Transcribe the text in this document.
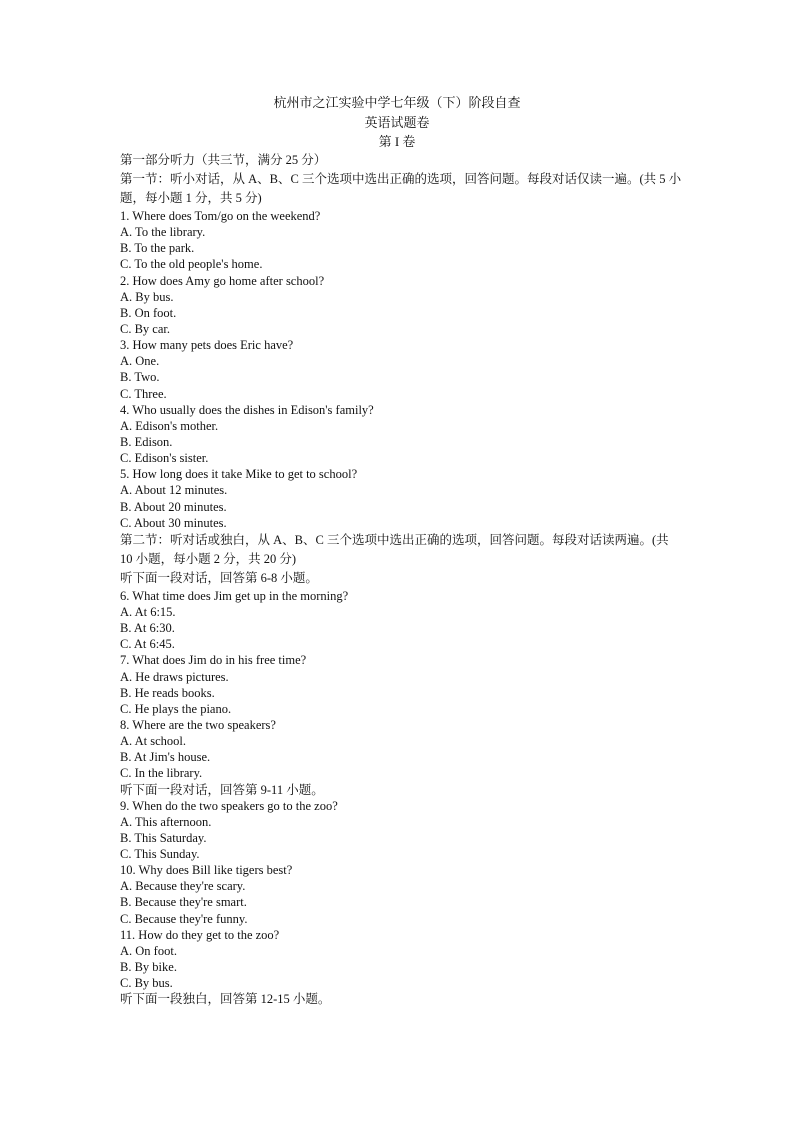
杭州市之江实验中学七年级（下）阶段自查
英语试题卷
第 I 卷
第一部分听力（共三节，满分 25 分）
第一节：听小对话，从 A、B、C 三个选项中选出正确的选项，回答问题。每段对话仅读一遍。(共 5 小题，每小题 1 分，共 5 分)
1. Where does Tom/go on the weekend?
A. To the library.
B. To the park.
C. To the old people's home.
2. How does Amy go home after school?
A. By bus.
B. On foot.
C. By car.
3. How many pets does Eric have?
A. One.
B. Two.
C. Three.
4. Who usually does the dishes in Edison's family?
A. Edison's mother.
B. Edison.
C. Edison's sister.
5. How long does it take Mike to get to school?
A. About 12 minutes.
B. About 20 minutes.
C. About 30 minutes.
第二节：听对话或独白，从 A、B、C 三个选项中选出正确的选项，回答问题。每段对话读两遍。(共 10 小题，每小题 2 分，共 20 分)
听下面一段对话，回答第 6-8 小题。
6. What time does Jim get up in the morning?
A. At 6:15.
B. At 6:30.
C. At 6:45.
7. What does Jim do in his free time?
A. He draws pictures.
B. He reads books.
C. He plays the piano.
8. Where are the two speakers?
A. At school.
B. At Jim's house.
C. In the library.
听下面一段对话，回答第 9-11 小题。
9. When do the two speakers go to the zoo?
A. This afternoon.
B. This Saturday.
C. This Sunday.
10. Why does Bill like tigers best?
A. Because they're scary.
B. Because they're smart.
C. Because they're funny.
11. How do they get to the zoo?
A. On foot.
B. By bike.
C. By bus.
听下面一段独白，回答第 12-15 小题。
